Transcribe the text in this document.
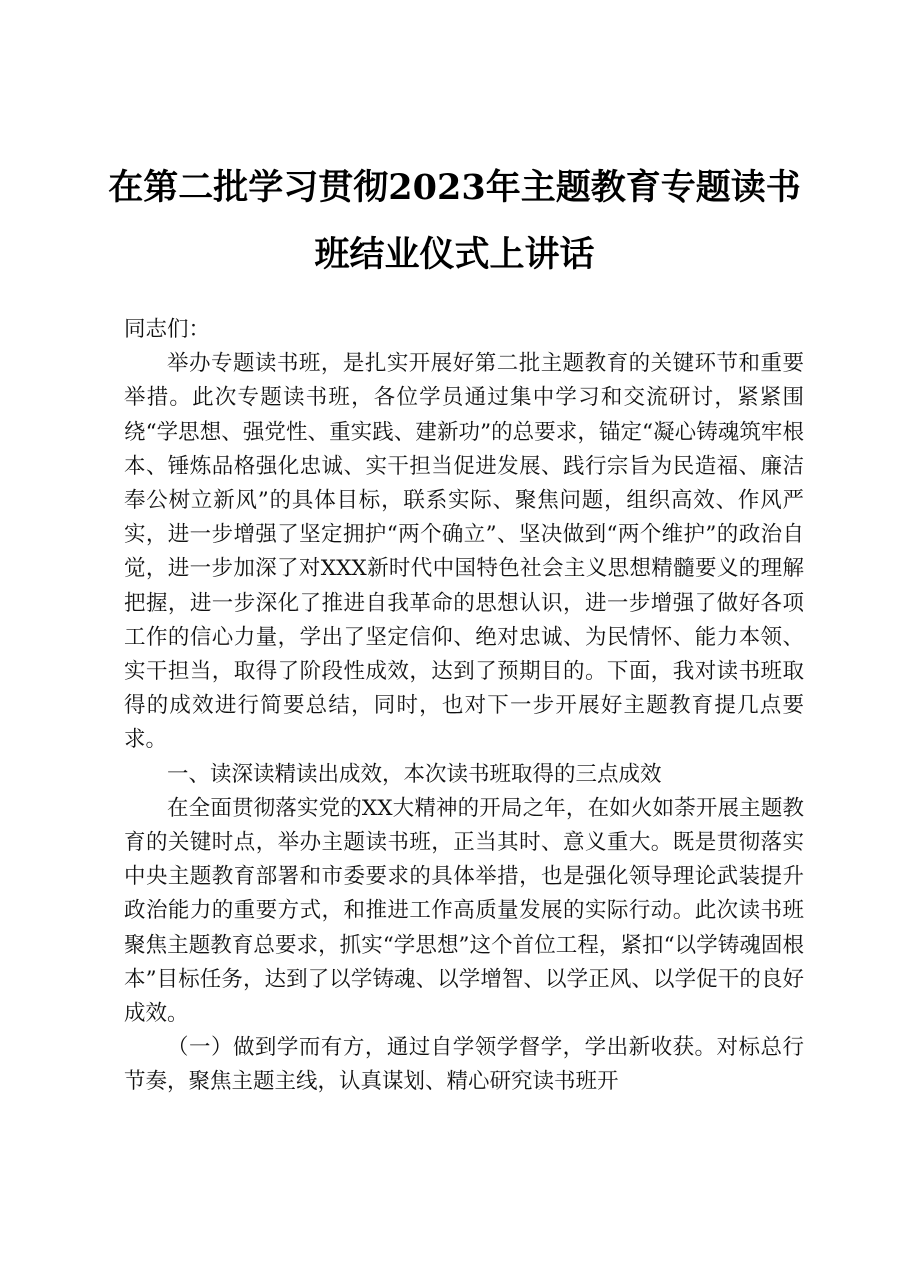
在第二批学习贯彻2023年主题教育专题读书
班结业仪式上讲话

同志们：

举办专题读书班，是扎实开展好第二批主题教育的关键环节和重要举措。此次专题读书班，各位学员通过集中学习和交流研讨，紧紧围绕“学思想、强党性、重实践、建新功”的总要求，锚定“凝心铸魂筑牢根本、锤炼品格强化忠诚、实干担当促进发展、践行宗旨为民造福、廉洁奉公树立新风”的具体目标，联系实际、聚焦问题，组织高效、作风严实，进一步增强了坚定拥护“两个确立”、坚决做到“两个维护”的政治自觉，进一步加深了对XXX新时代中国特色社会主义思想精髓要义的理解把握，进一步深化了推进自我革命的思想认识，进一步增强了做好各项工作的信心力量，学出了坚定信仰、绝对忠诚、为民情怀、能力本领、实干担当，取得了阶段性成效，达到了预期目的。下面，我对读书班取得的成效进行简要总结，同时，也对下一步开展好主题教育提几点要求。

一、读深读精读出成效，本次读书班取得的三点成效

在全面贯彻落实党的XX大精神的开局之年，在如火如荼开展主题教育的关键时点，举办主题读书班，正当其时、意义重大。既是贯彻落实中央主题教育部署和市委要求的具体举措，也是强化领导理论武装提升政治能力的重要方式，和推进工作高质量发展的实际行动。此次读书班聚焦主题教育总要求，抓实“学思想”这个首位工程，紧扣“以学铸魂固根本”目标任务，达到了以学铸魂、以学增智、以学正风、以学促干的良好成效。

（一）做到学而有方，通过自学领学督学，学出新收获。对标总行节奏，聚焦主题主线，认真谋划、精心研究读书班开
